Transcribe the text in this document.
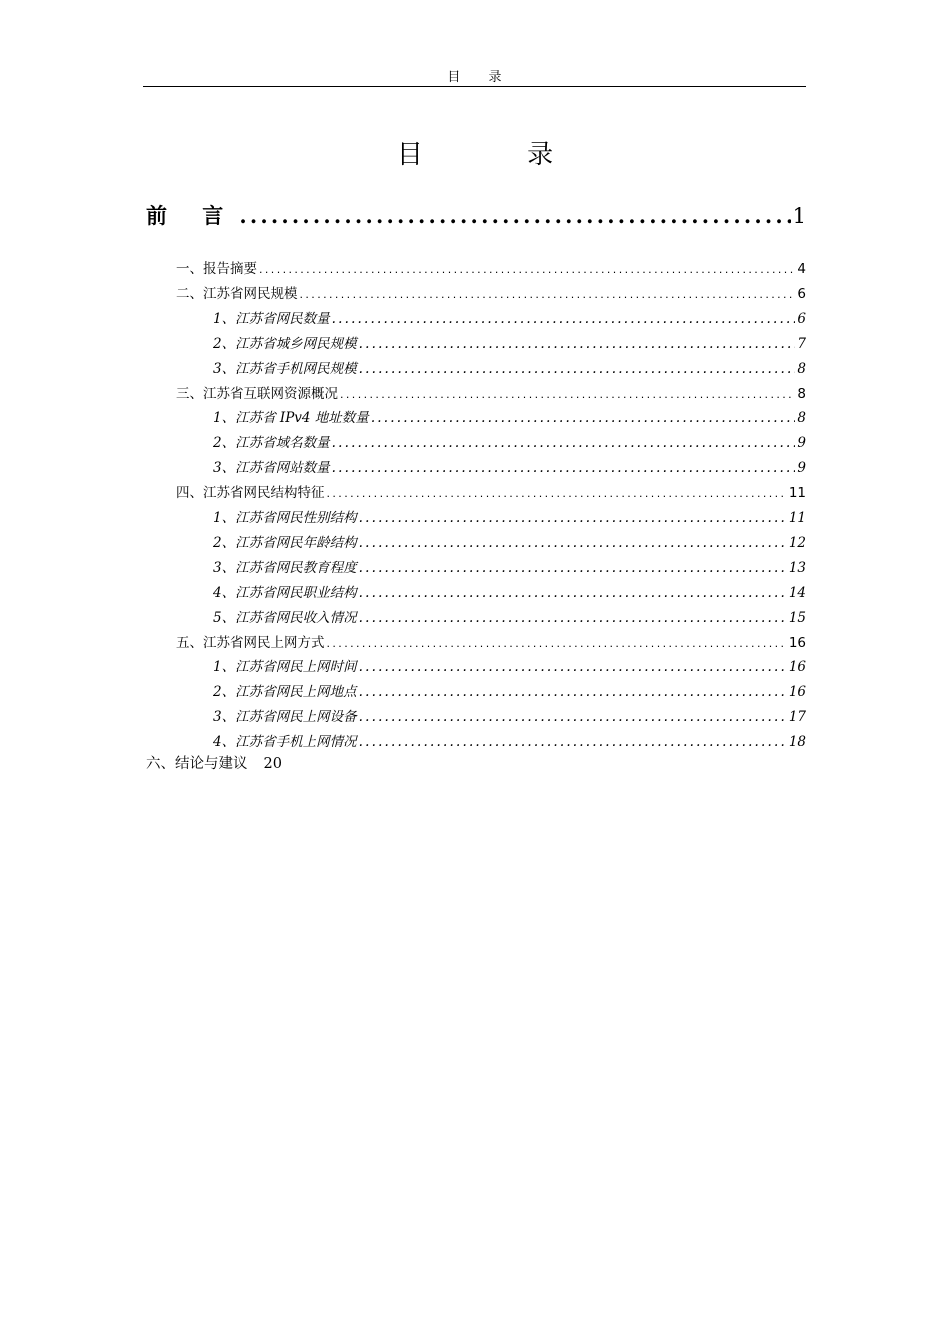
目 录
目 录
前 言 .....	1
一、报告摘要 .....	4
二、江苏省网民规模 .....	6
1、江苏省网民数量 .....	6
2、江苏省城乡网民规模 .....	7
3、江苏省手机网民规模 .....	8
三、江苏省互联网资源概况 .....	8
1、江苏省 IPv4 地址数量 .....	8
2、江苏省域名数量 .....	9
3、江苏省网站数量 .....	9
四、江苏省网民结构特征 .....	11
1、江苏省网民性别结构 .....	11
2、江苏省网民年龄结构 .....	12
3、江苏省网民教育程度 .....	13
4、江苏省网民职业结构 .....	14
5、江苏省网民收入情况 .....	15
五、江苏省网民上网方式 .....	16
1、江苏省网民上网时间 .....	16
2、江苏省网民上网地点 .....	16
3、江苏省网民上网设备 .....	17
4、江苏省手机上网情况 .....	18
六、结论与建议 20
